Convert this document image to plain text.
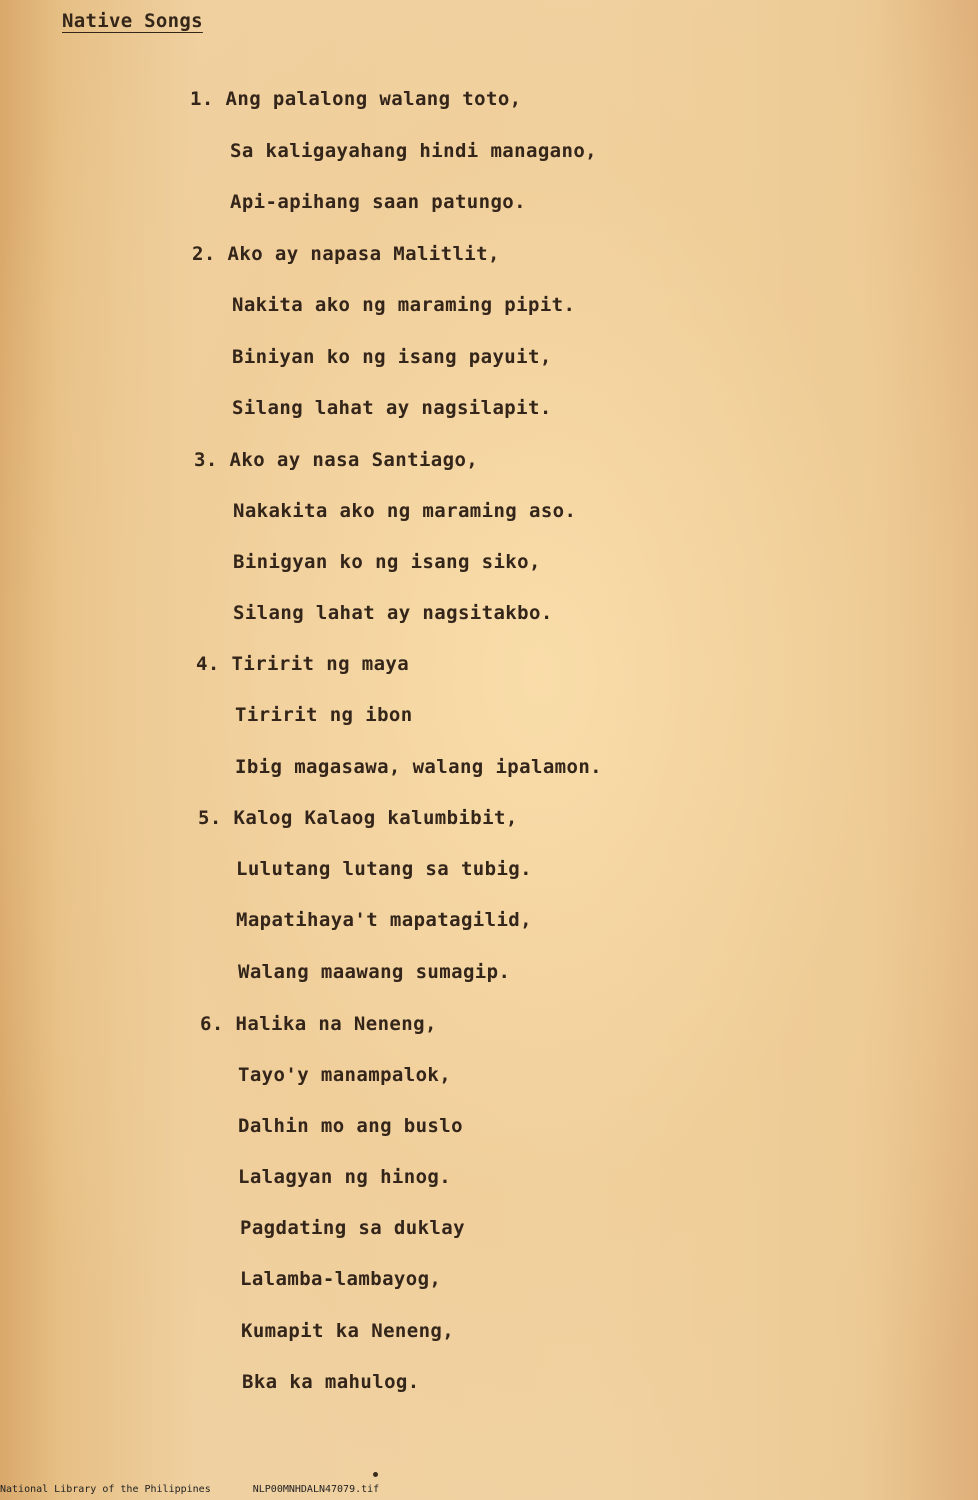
Native Songs
1. Ang palalong walang toto,
Sa kaligayahang hindi managano,
Api-apihang saan patungo.
2. Ako ay napasa Malitlit,
Nakita ako ng maraming pipit.
Biniyan ko ng isang payuit,
Silang lahat ay nagsilapit.
3. Ako ay nasa Santiago,
Nakakita ako ng maraming aso.
Binigyan ko ng isang siko,
Silang lahat ay nagsitakbo.
4. Tiririt ng maya
Tiririt ng ibon
Ibig magasawa, walang ipalamon.
5. Kalog Kalaog kalumbibit,
Lulutang lutang sa tubig.
Mapatihaya't mapatagilid,
Walang maawang sumagip.
6. Halika na Neneng,
Tayo'y manampalok,
Dalhin mo ang buslo
Lalagyan ng hinog.
Pagdating sa duklay
Lalamba-lambayog,
Kumapit ka Neneng,
Bka ka mahulog.
National Library of the Philippines	NLP00MNHDALN47079.tif
